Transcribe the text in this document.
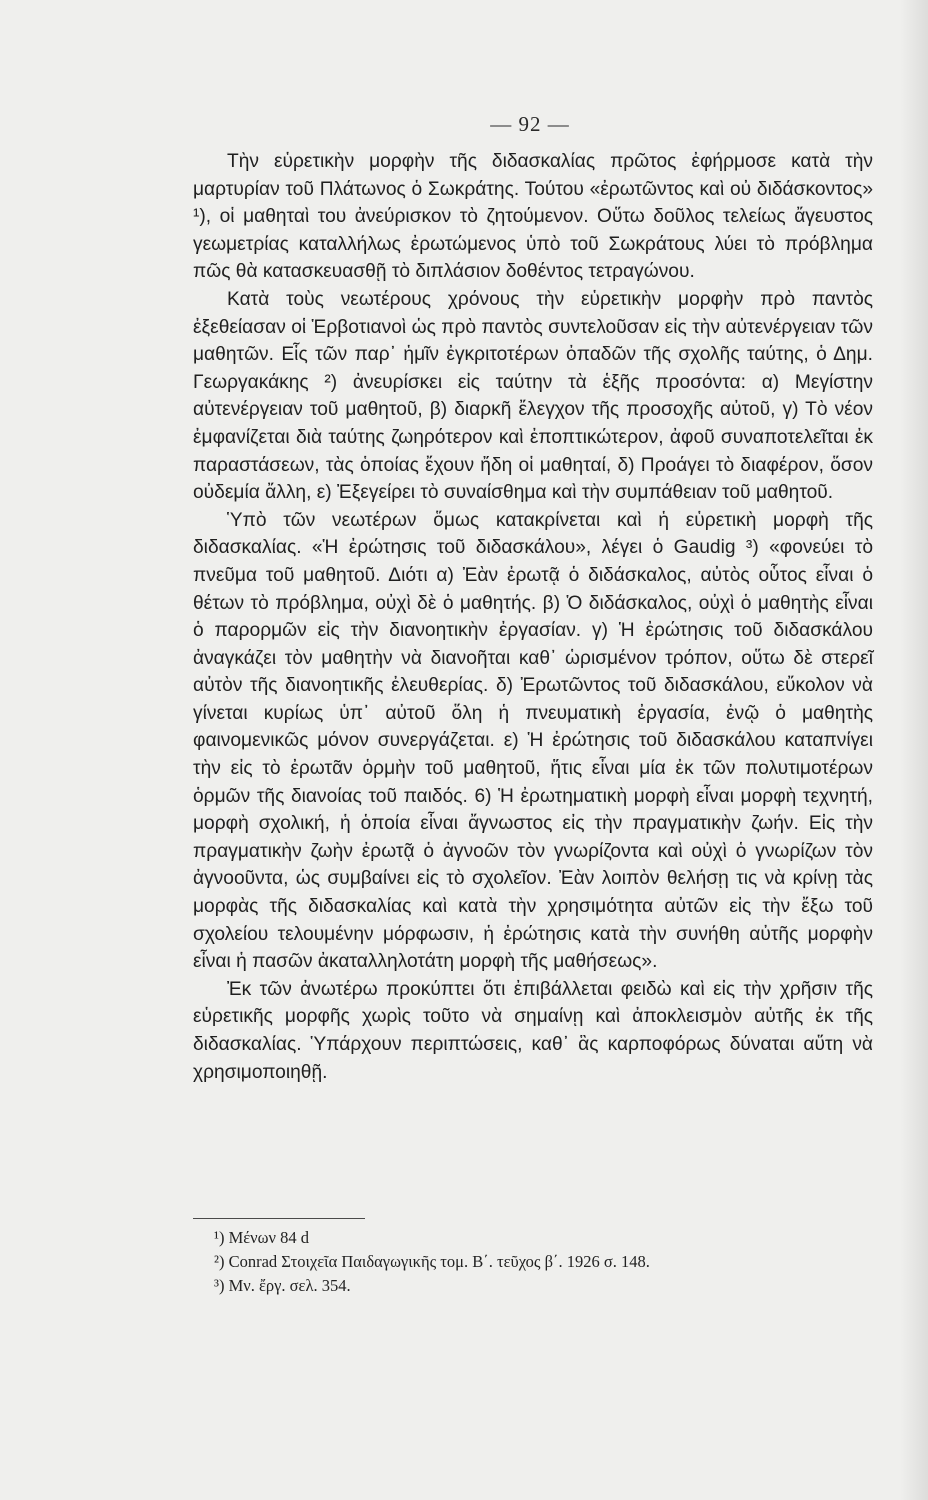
— 92 —

Τὴν εὑρετικὴν μορφὴν τῆς διδασκαλίας πρῶτος ἐφήρμοσε κατὰ τὴν μαρτυρίαν τοῦ Πλάτωνος ὁ Σωκράτης. Τούτου «ἐρωτῶντος καὶ οὐ διδάσκοντος» ¹), οἱ μαθηταὶ του ἀνεύρισκον τὸ ζητούμενον. Οὕτω δοῦλος τελείως ἄγευστος γεωμετρίας καταλλήλως ἐρωτώμενος ὑπὸ τοῦ Σωκράτους λύει τὸ πρόβλημα πῶς θὰ κατασκευασθῇ τὸ διπλάσιον δοθέντος τετραγώνου.

Κατὰ τοὺς νεωτέρους χρόνους τὴν εὑρετικὴν μορφὴν πρὸ παντὸς ἐξεθείασαν οἱ Ἑρβοτιανοὶ ὡς πρὸ παντὸς συντελοῦσαν εἰς τὴν αὐτενέργειαν τῶν μαθητῶν. Εἷς τῶν παρ᾽ ἡμῖν ἐγκριτοτέρων ὀπαδῶν τῆς σχολῆς ταύτης, ὁ Δημ. Γεωργακάκης ²) ἀνευρίσκει εἰς ταύτην τὰ ἑξῆς προσόντα: α) Μεγίστην αὐτενέργειαν τοῦ μαθητοῦ, β) διαρκῆ ἔλεγχον τῆς προσοχῆς αὐτοῦ, γ) Τὸ νέον ἐμφανίζεται διὰ ταύτης ζωηρότερον καὶ ἐποπτικώτερον, ἀφοῦ συναποτελεῖται ἐκ παραστάσεων, τὰς ὁποίας ἔχουν ἤδη οἱ μαθηταί, δ) Προάγει τὸ διαφέρον, ὅσον οὐδεμία ἄλλη, ε) Ἐξεγείρει τὸ συναίσθημα καὶ τὴν συμπάθειαν τοῦ μαθητοῦ.

Ὑπὸ τῶν νεωτέρων ὅμως κατακρίνεται καὶ ἡ εὑρετικὴ μορφὴ τῆς διδασκαλίας. «Ἡ ἐρώτησις τοῦ διδασκάλου», λέγει ὁ Gaudig ³) «φονεύει τὸ πνεῦμα τοῦ μαθητοῦ. Διότι α) Ἐὰν ἐρωτᾷ ὁ διδάσκαλος, αὐτὸς οὗτος εἶναι ὁ θέτων τὸ πρόβλημα, οὐχὶ δὲ ὁ μαθητής. β) Ὁ διδάσκαλος, οὐχὶ ὁ μαθητὴς εἶναι ὁ παρορμῶν εἰς τὴν διανοητικὴν ἐργασίαν. γ) Ἡ ἐρώτησις τοῦ διδασκάλου ἀναγκάζει τὸν μαθητὴν νὰ διανοῆται καθ᾽ ὡρισμένον τρόπον, οὕτω δὲ στερεῖ αὐτὸν τῆς διανοητικῆς ἐλευθερίας. δ) Ἐρωτῶντος τοῦ διδασκάλου, εὔκολον νὰ γίνεται κυρίως ὑπ᾽ αὐτοῦ ὅλη ἡ πνευματικὴ ἐργασία, ἐνῷ ὁ μαθητὴς φαινομενικῶς μόνον συνεργάζεται. ε) Ἡ ἐρώτησις τοῦ διδασκάλου καταπνίγει τὴν εἰς τὸ ἐρωτᾶν ὁρμὴν τοῦ μαθητοῦ, ἥτις εἶναι μία ἐκ τῶν πολυτιμοτέρων ὁρμῶν τῆς διανοίας τοῦ παιδός. 6) Ἡ ἐρωτηματικὴ μορφὴ εἶναι μορφὴ τεχνητή, μορφὴ σχολική, ἡ ὁποία εἶναι ἄγνωστος εἰς τὴν πραγματικὴν ζωήν. Εἰς τὴν πραγματικὴν ζωὴν ἐρωτᾷ ὁ ἀγνοῶν τὸν γνωρίζοντα καὶ οὐχὶ ὁ γνωρίζων τὸν ἀγνοοῦντα, ὡς συμβαίνει εἰς τὸ σχολεῖον. Ἐὰν λοιπὸν θελήσῃ τις νὰ κρίνῃ τὰς μορφὰς τῆς διδασκαλίας καὶ κατὰ τὴν χρησιμότητα αὐτῶν εἰς τὴν ἔξω τοῦ σχολείου τελουμένην μόρφωσιν, ἡ ἐρώτησις κατὰ τὴν συνήθη αὐτῆς μορφὴν εἶναι ἡ πασῶν ἀκαταλληλοτάτη μορφὴ τῆς μαθήσεως».

Ἐκ τῶν ἀνωτέρω προκύπτει ὅτι ἐπιβάλλεται φειδὼ καὶ εἰς τὴν χρῆσιν τῆς εὑρετικῆς μορφῆς χωρὶς τοῦτο νὰ σημαίνῃ καὶ ἀποκλεισμὸν αὐτῆς ἐκ τῆς διδασκαλίας. Ὑπάρχουν περιπτώσεις, καθ᾽ ἃς καρποφόρως δύναται αὕτη νὰ χρησιμοποιηθῇ.

¹) Μένων 84 d

²) Conrad Στοιχεῖα Παιδαγωγικῆς τομ. Β΄. τεῦχος β΄. 1926 σ. 148.

³) Μν. ἔργ. σελ. 354.
